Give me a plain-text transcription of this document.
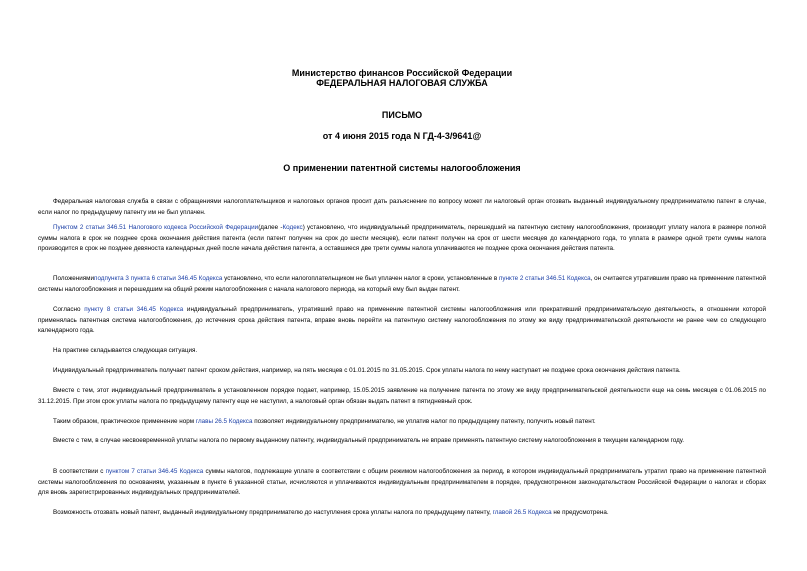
Министерство финансов Российской Федерации
ФЕДЕРАЛЬНАЯ НАЛОГОВАЯ СЛУЖБА
ПИСЬМО
от 4 июня 2015 года N ГД-4-3/9641@
О применении патентной системы налогообложения

Федеральная налоговая служба в связи с обращениями налогоплательщиков и налоговых органов просит дать разъяснение по вопросу может ли налоговый орган отозвать выданный индивидуальному предпринимателю патент в случае, если налог по предыдущему патенту им не был уплачен.

Пунктом 2 статьи 346.51 Налогового кодекса Российской Федерации(далее -Кодекс) установлено, что индивидуальный предприниматель, перешедший на патентную систему налогообложения, производит уплату налога в размере полной суммы налога в срок не позднее срока окончания действия патента (если патент получен на срок до шести месяцев), если патент получен на срок от шести месяцев до календарного года, то уплата в размере одной трети суммы налога производится в срок не позднее девяноста календарных дней после начала действия патента, а оставшиеся две трети суммы налога уплачиваются не позднее срока окончания действия патента.

Положениямиподпункта 3 пункта 6 статьи 346.45 Кодекса установлено, что если налогоплательщиком не был уплачен налог в сроки, установленные в пункте 2 статьи 346.51 Кодекса, он считается утратившим право на применение патентной системы налогообложения и перешедшим на общий режим налогообложения с начала налогового периода, на который ему был выдан патент.

Согласно пункту 8 статьи 346.45 Кодекса индивидуальный предприниматель, утративший право на применение патентной системы налогообложения или прекративший предпринимательскую деятельность, в отношении которой применялась патентная система налогообложения, до истечения срока действия патента, вправе вновь перейти на патентную систему налогообложения по этому же виду предпринимательской деятельности не ранее чем со следующего календарного года.

На практике складывается следующая ситуация.

Индивидуальный предприниматель получает патент сроком действия, например, на пять месяцев с 01.01.2015 по 31.05.2015. Срок уплаты налога по нему наступает не позднее срока окончания действия патента.

Вместе с тем, этот индивидуальный предприниматель в установленном порядке подает, например, 15.05.2015 заявление на получение патента по этому же виду предпринимательской деятельности еще на семь месяцев с 01.06.2015 по 31.12.2015. При этом срок уплаты налога по предыдущему патенту еще не наступил, а налоговый орган обязан выдать патент в пятидневный срок.

Таким образом, практическое применение норм главы 26.5 Кодекса позволяет индивидуальному предпринимателю, не уплатив налог по предыдущему патенту, получить новый патент.

Вместе с тем, в случае несвоевременной уплаты налога по первому выданному патенту, индивидуальный предприниматель не вправе применять патентную систему налогообложения в текущем календарном году.

В соответствии с пунктом 7 статьи 346.45 Кодекса суммы налогов, подлежащие уплате в соответствии с общим режимом налогообложения за период, в котором индивидуальный предприниматель утратил право на применение патентной системы налогообложения по основаниям, указанным в пункте 6 указанной статьи, исчисляются и уплачиваются индивидуальным предпринимателем в порядке, предусмотренном законодательством Российской Федерации о налогах и сборах для вновь зарегистрированных индивидуальных предпринимателей.

Возможность отозвать новый патент, выданный индивидуальному предпринимателю до наступления срока уплаты налога по предыдущему патенту, главой 26.5 Кодекса не предусмотрена.
